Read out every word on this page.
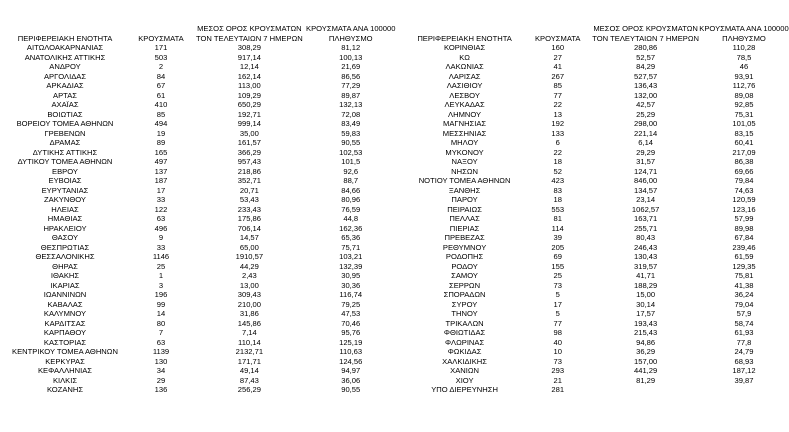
ΠΕΡΙΦΕΡΕΙΑΚΗ ΕΝΟΤΗΤΑ	ΚΡΟΥΣΜΑΤΑ	ΜΕΣΟΣ ΟΡΟΣ ΚΡΟΥΣΜΑΤΩΝ
ΤΟΝ ΤΕΛΕΥΤΑΙΩΝ 7 ΗΜΕΡΩΝ	ΚΡΟΥΣΜΑΤΑ ΑΝΑ 100000
ΠΛΗΘΥΣΜΟ
ΑΙΤΩΛΟΑΚΑΡΝΑΝΙΑΣ	171	308,29	81,12
ΑΝΑΤΟΛΙΚΗΣ ΑΤΤΙΚΗΣ	503	917,14	100,13
ΑΝΔΡΟΥ	2	12,14	21,69
ΑΡΓΟΛΙΔΑΣ	84	162,14	86,56
ΑΡΚΑΔΙΑΣ	67	113,00	77,29
ΑΡΤΑΣ	61	109,29	89,87
ΑΧΑΪΑΣ	410	650,29	132,13
ΒΟΙΩΤΙΑΣ	85	192,71	72,08
ΒΟΡΕΙΟΥ ΤΟΜΕΑ ΑΘΗΝΩΝ	494	999,14	83,49
ΓΡΕΒΕΝΩΝ	19	35,00	59,83
ΔΡΑΜΑΣ	89	161,57	90,55
ΔΥΤΙΚΗΣ ΑΤΤΙΚΗΣ	165	366,29	102,53
ΔΥΤΙΚΟΥ ΤΟΜΕΑ ΑΘΗΝΩΝ	497	957,43	101,5
ΕΒΡΟΥ	137	218,86	92,6
ΕΥΒΟΙΑΣ	187	352,71	88,7
ΕΥΡΥΤΑΝΙΑΣ	17	20,71	84,66
ΖΑΚΥΝΘΟΥ	33	53,43	80,96
ΗΛΕΙΑΣ	122	233,43	76,59
ΗΜΑΘΙΑΣ	63	175,86	44,8
ΗΡΑΚΛΕΙΟΥ	496	706,14	162,36
ΘΑΣΟΥ	9	14,57	65,36
ΘΕΣΠΡΩΤΙΑΣ	33	65,00	75,71
ΘΕΣΣΑΛΟΝΙΚΗΣ	1146	1910,57	103,21
ΘΗΡΑΣ	25	44,29	132,39
ΙΘΑΚΗΣ	1	2,43	30,95
ΙΚΑΡΙΑΣ	3	13,00	30,36
ΙΩΑΝΝΙΝΩΝ	196	309,43	116,74
ΚΑΒΑΛΑΣ	99	210,00	79,25
ΚΑΛΥΜΝΟΥ	14	31,86	47,53
ΚΑΡΔΙΤΣΑΣ	80	145,86	70,46
ΚΑΡΠΑΘΟΥ	7	7,14	95,76
ΚΑΣΤΟΡΙΑΣ	63	110,14	125,19
ΚΕΝΤΡΙΚΟΥ ΤΟΜΕΑ ΑΘΗΝΩΝ	1139	2132,71	110,63
ΚΕΡΚΥΡΑΣ	130	171,71	124,56
ΚΕΦΑΛΛΗΝΙΑΣ	34	49,14	94,97
ΚΙΛΚΙΣ	29	87,43	36,06
ΚΟΖΑΝΗΣ	136	256,29	90,55
ΠΕΡΙΦΕΡΕΙΑΚΗ ΕΝΟΤΗΤΑ	ΚΡΟΥΣΜΑΤΑ	ΜΕΣΟΣ ΟΡΟΣ ΚΡΟΥΣΜΑΤΩΝ
ΤΟΝ ΤΕΛΕΥΤΑΙΩΝ 7 ΗΜΕΡΩΝ	ΚΡΟΥΣΜΑΤΑ ΑΝΑ 100000
ΠΛΗΘΥΣΜΟ
ΚΟΡΙΝΘΙΑΣ	160	280,86	110,28
ΚΩ	27	52,57	78,5
ΛΑΚΩΝΙΑΣ	41	84,29	46
ΛΑΡΙΣΑΣ	267	527,57	93,91
ΛΑΣΙΘΙΟΥ	85	136,43	112,76
ΛΕΣΒΟΥ	77	132,00	89,08
ΛΕΥΚΑΔΑΣ	22	42,57	92,85
ΛΗΜΝΟΥ	13	25,29	75,31
ΜΑΓΝΗΣΙΑΣ	192	298,00	101,05
ΜΕΣΣΗΝΙΑΣ	133	221,14	83,15
ΜΗΛΟΥ	6	6,14	60,41
ΜΥΚΟΝΟΥ	22	29,29	217,09
ΝΑΞΟΥ	18	31,57	86,38
ΝΗΣΩΝ	52	124,71	69,66
ΝΟΤΙΟΥ ΤΟΜΕΑ ΑΘΗΝΩΝ	423	846,00	79,84
ΞΑΝΘΗΣ	83	134,57	74,63
ΠΑΡΟΥ	18	23,14	120,59
ΠΕΙΡΑΙΩΣ	553	1062,57	123,16
ΠΕΛΛΑΣ	81	163,71	57,99
ΠΙΕΡΙΑΣ	114	255,71	89,98
ΠΡΕΒΕΖΑΣ	39	80,43	67,84
ΡΕΘΥΜΝΟΥ	205	246,43	239,46
ΡΟΔΟΠΗΣ	69	130,43	61,59
ΡΟΔΟΥ	155	319,57	129,35
ΣΑΜΟΥ	25	41,71	75,81
ΣΕΡΡΩΝ	73	188,29	41,38
ΣΠΟΡΑΔΩΝ	5	15,00	36,24
ΣΥΡΟΥ	17	30,14	79,04
ΤΗΝΟΥ	5	17,57	57,9
ΤΡΙΚΑΛΩΝ	77	193,43	58,74
ΦΘΙΩΤΙΔΑΣ	98	215,43	61,93
ΦΛΩΡΙΝΑΣ	40	94,86	77,8
ΦΩΚΙΔΑΣ	10	36,29	24,79
ΧΑΛΚΙΔΙΚΗΣ	73	157,00	68,93
ΧΑΝΙΩΝ	293	441,29	187,12
ΧΙΟΥ	21	81,29	39,87
ΥΠΟ ΔΙΕΡΕΥΝΗΣΗ	281		
